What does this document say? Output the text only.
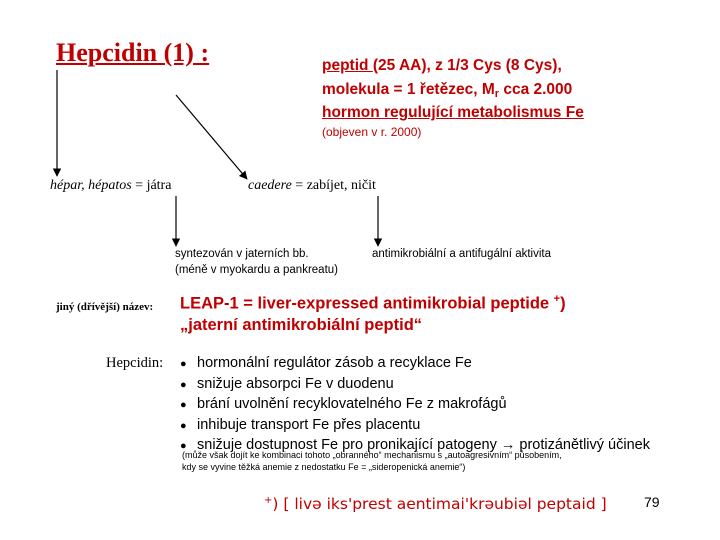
Hepcidin (1) :	peptid (25 AA), z 1/3 Cys (8 Cys),
molekula = 1 řetězec, $M_r$ cca 2.000
hormon regulující metabolismus Fe
(objeven v r. 2000)
hépar, hépatos = játra	caedere = zabíjet, ničit
syntezován v jaterních bb.
(méně v myokardu a pankreatu)
antimikrobiální a antifugální aktivita
jiný (dřívější) název: LEAP-1 = liver-expressed antimikrobial peptide +)
„jaterní antimikrobiální peptid“
Hepcidin: ● hormonální regulátor zásob a recyklace Fe
● snižuje absorpci Fe v duodenu
● brání uvolnění recyklovatelného Fe z makrofágů
● inhibuje transport Fe přes placentu
● snižuje dostupnost Fe pro pronikající patogeny → protizánětlivý účinek
(může však dojít ke kombinaci tohoto „obranného“ mechanismu s „autoagresivním“ působením,
kdy se vyvine těžká anemie z nedostatku Fe = „sideropenická anemie“)
+) [ livə iks'prest aentimai'krəubiəl peptaid ]	79
